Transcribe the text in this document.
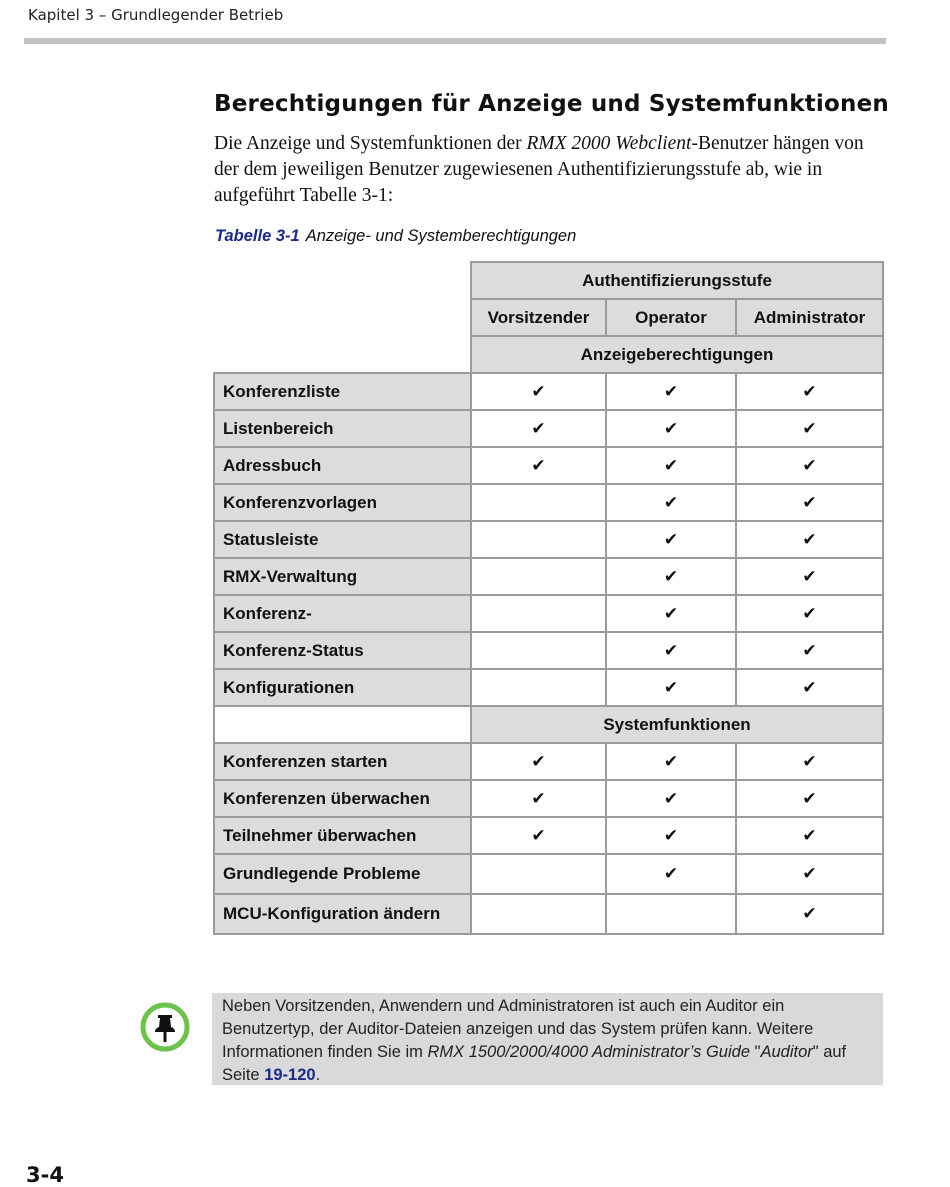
Kapitel 3 – Grundlegender Betrieb
Berechtigungen für Anzeige und Systemfunktionen

Die Anzeige und Systemfunktionen der RMX 2000 Webclient-Benutzer hängen von der dem jeweiligen Benutzer zugewiesenen Authentifizierungsstufe ab, wie in aufgeführt Tabelle 3-1:

Tabelle 3-1 Anzeige- und Systemberechtigungen
	Authentifizierungsstufe		
	Vorsitzender	Operator	Administrator
	Anzeigeberechtigungen		
Konferenzliste	✔	✔	✔
Listenbereich	✔	✔	✔
Adressbuch	✔	✔	✔
Konferenzvorlagen		✔	✔
Statusleiste		✔	✔
RMX-Verwaltung		✔	✔
Konferenz-		✔	✔
Konferenz-Status		✔	✔
Konfigurationen		✔	✔
	Systemfunktionen		
Konferenzen starten	✔	✔	✔
Konferenzen überwachen	✔	✔	✔
Teilnehmer überwachen	✔	✔	✔
Grundlegende Probleme		✔	✔
MCU-Konfiguration ändern			✔
Neben Vorsitzenden, Anwendern und Administratoren ist auch ein Auditor ein Benutzertyp, der Auditor-Dateien anzeigen und das System prüfen kann. Weitere Informationen finden Sie im RMX 1500/2000/4000 Administrator’s Guide "Auditor" auf Seite 19-120.
3-4
